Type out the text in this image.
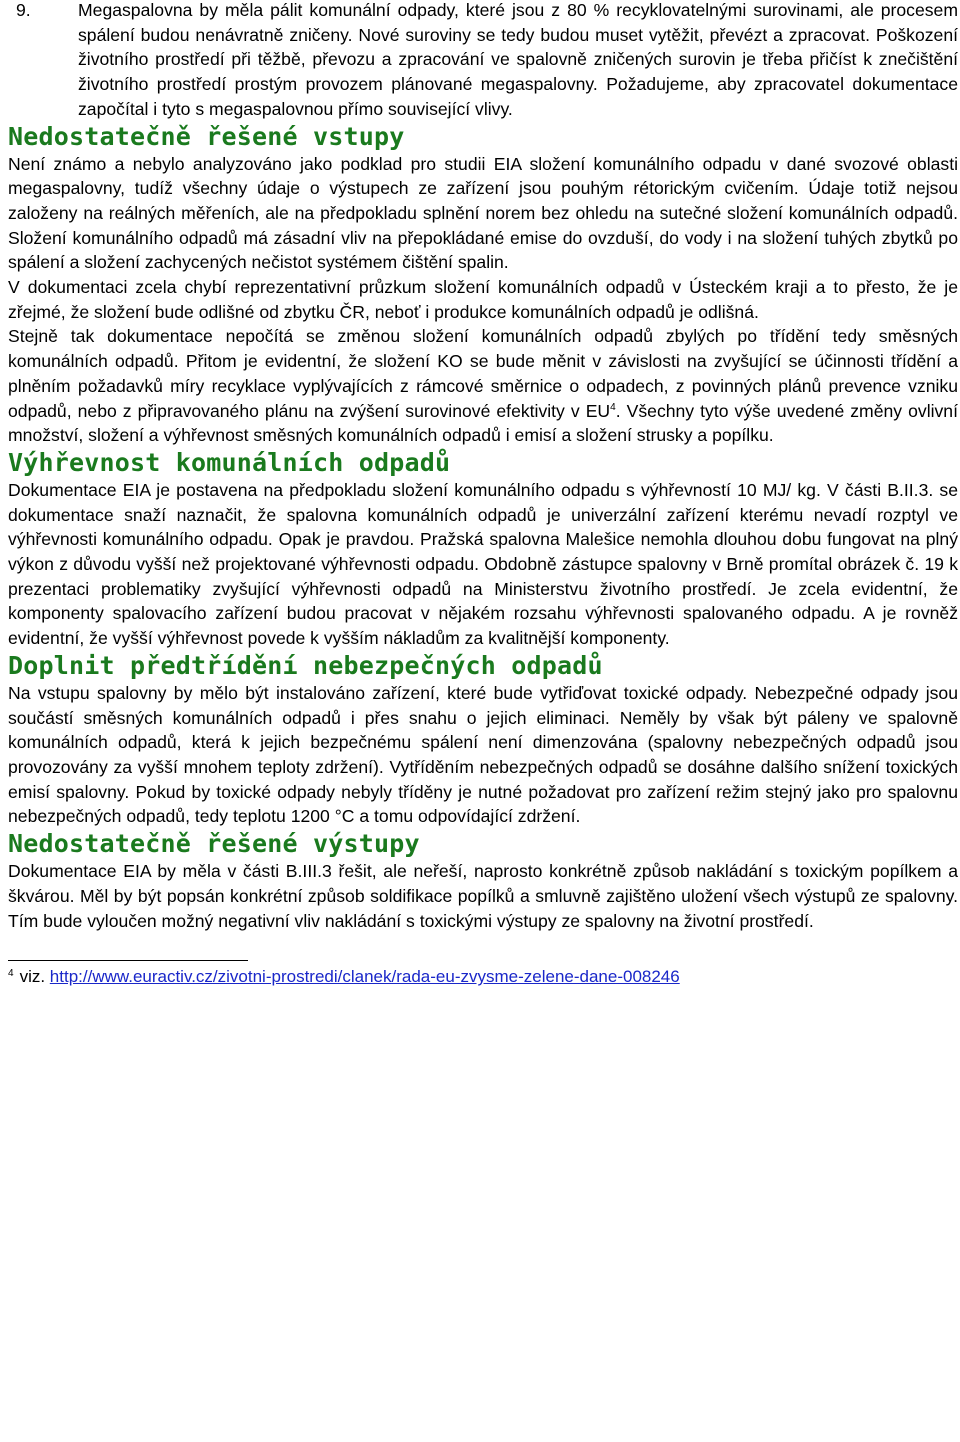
9.	Megaspalovna by měla pálit komunální odpady, které jsou z 80 % recyklovatelnými surovinami, ale procesem spálení budou nenávratně zničeny. Nové suroviny se tedy budou muset vytěžit, převézt a zpracovat. Poškození životního prostředí při těžbě, převozu a zpracování ve spalovně zničených surovin je třeba přičíst k znečištění životního prostředí prostým provozem plánované megaspalovny. Požadujeme, aby zpracovatel dokumentace započítal i tyto s megaspalovnou přímo související vlivy.

Nedostatečně řešené vstupy

Není známo a nebylo analyzováno jako podklad pro studii EIA složení komunálního odpadu v dané svozové oblasti megaspalovny, tudíž všechny údaje o výstupech ze zařízení jsou pouhým rétorickým cvičením. Údaje totiž nejsou založeny na reálných měřeních, ale na předpokladu splnění norem bez ohledu na sutečné složení komunálních odpadů. Složení komunálního odpadů má zásadní vliv na přepokládané emise do ovzduší, do vody i na složení tuhých zbytků po spálení a složení zachycených nečistot systémem čištění spalin.

V dokumentaci zcela chybí reprezentativní průzkum složení komunálních odpadů v Ústeckém kraji a to přesto, že je zřejmé, že složení bude odlišné od zbytku ČR, neboť i produkce komunálních odpadů je odlišná.

Stejně tak dokumentace nepočítá se změnou složení komunálních odpadů zbylých po třídění tedy směsných komunálních odpadů. Přitom je evidentní, že složení KO se bude měnit v závislosti na zvyšující se účinnosti třídění a plněním požadavků míry recyklace vyplývajících z rámcové směrnice o odpadech, z povinných plánů prevence vzniku odpadů, nebo z připravovaného plánu na zvýšení surovinové efektivity v $EU^4$. Všechny tyto výše uvedené změny ovlivní množství, složení a výhřevnost směsných komunálních odpadů i emisí a složení strusky a popílku.

Výhřevnost komunálních odpadů

Dokumentace EIA je postavena na předpokladu složení komunálního odpadu s výhřevností 10 MJ/ kg. V části B.II.3. se dokumentace snaží naznačit, že spalovna komunálních odpadů je univerzální zařízení kterému nevadí rozptyl ve výhřevnosti komunálního odpadu. Opak je pravdou. Pražská spalovna Malešice nemohla dlouhou dobu fungovat na plný výkon z důvodu vyšší než projektované výhřevnosti odpadu. Obdobně zástupce spalovny v Brně promítal obrázek č. 19 k prezentaci problematiky zvyšující výhřevnosti odpadů na Ministerstvu životního prostředí. Je zcela evidentní, že komponenty spalovacího zařízení budou pracovat v nějakém rozsahu výhřevnosti spalovaného odpadu. A je rovněž evidentní, že vyšší výhřevnost povede k vyšším nákladům za kvalitnější komponenty.

Doplnit předtřídění nebezpečných odpadů

Na vstupu spalovny by mělo být instalováno zařízení, které bude vytřiďovat toxické odpady. Nebezpečné odpady jsou součástí směsných komunálních odpadů i přes snahu o jejich eliminaci. Neměly by však být páleny ve spalovně komunálních odpadů, která k jejich bezpečnému spálení není dimenzována (spalovny nebezpečných odpadů jsou provozovány za vyšší mnohem teploty zdržení). Vytříděním nebezpečných odpadů se dosáhne dalšího snížení toxických emisí spalovny. Pokud by toxické odpady nebyly tříděny je nutné požadovat pro zařízení režim stejný jako pro spalovnu nebezpečných odpadů, tedy teplotu 1200 °C a tomu odpovídající zdržení.

Nedostatečně řešené výstupy

Dokumentace EIA by měla v části B.III.3 řešit, ale neřeší, naprosto konkrétně způsob nakládání s toxickým popílkem a škvárou. Měl by být popsán konkrétní způsob soldifikace popílků a smluvně zajištěno uložení všech výstupů ze spalovny. Tím bude vyloučen možný negativní vliv nakládání s toxickými výstupy ze spalovny na životní prostředí.

$^4$ viz. http://www.euractiv.cz/zivotni-prostredi/clanek/rada-eu-zvysme-zelene-dane-008246
